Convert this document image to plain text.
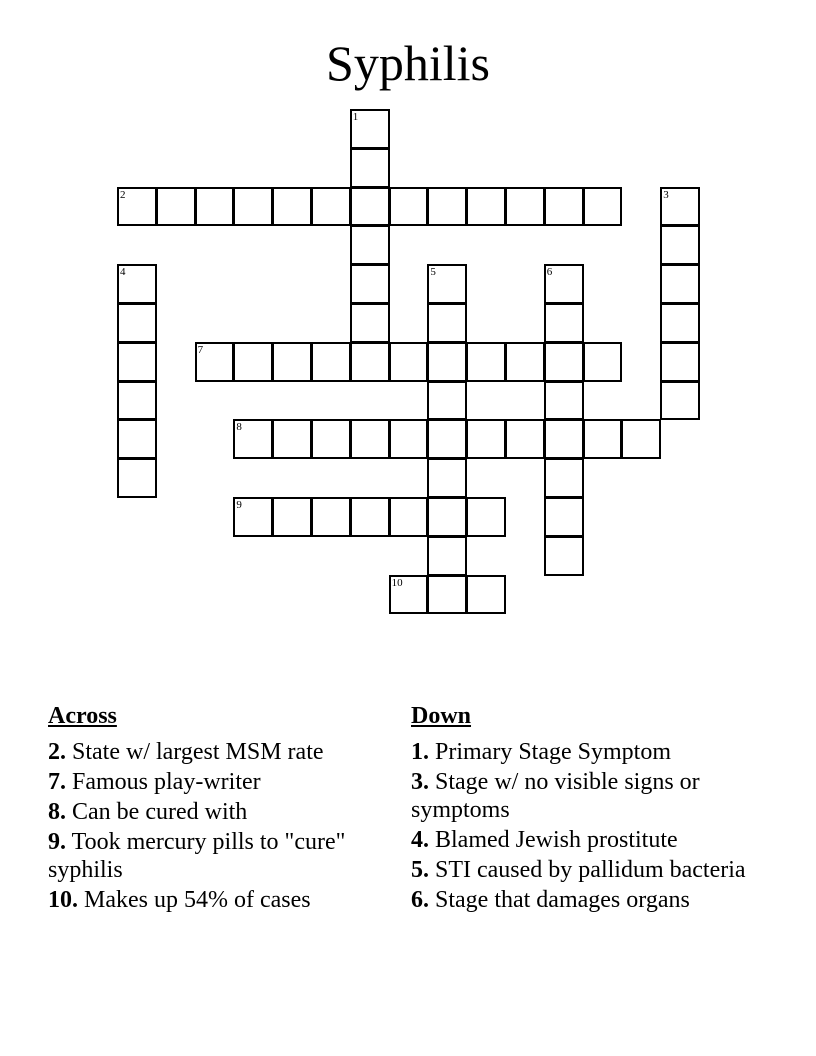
Syphilis
1
2	3
4	5	6
7
8
9
10
Across
2. State w/ largest MSM rate
7. Famous play-writer
8. Can be cured with
9. Took mercury pills to "cure" syphilis
10. Makes up 54% of cases
Down
1. Primary Stage Symptom
3. Stage w/ no visible signs or symptoms
4. Blamed Jewish prostitute
5. STI caused by pallidum bacteria
6. Stage that damages organs
